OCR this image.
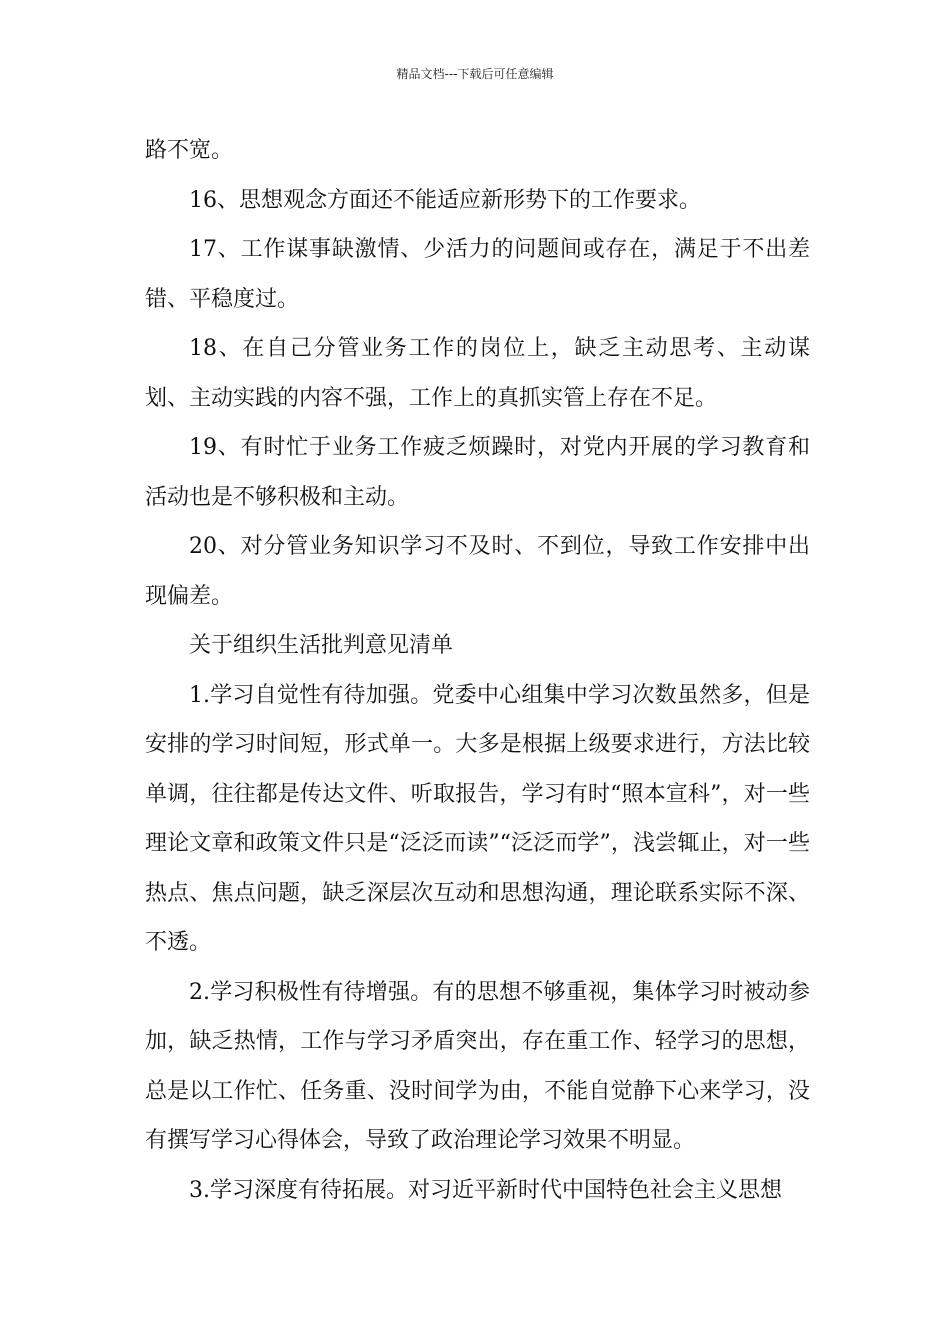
精品文档---下载后可任意编辑

路不宽。

16、思想观念方面还不能适应新形势下的工作要求。

17、工作谋事缺激情、少活力的问题间或存在，满足于不出差错、平稳度过。

18、在自己分管业务工作的岗位上，缺乏主动思考、主动谋划、主动实践的内容不强，工作上的真抓实管上存在不足。

19、有时忙于业务工作疲乏烦躁时，对党内开展的学习教育和活动也是不够积极和主动。

20、对分管业务知识学习不及时、不到位，导致工作安排中出现偏差。

关于组织生活批判意见清单

1.学习自觉性有待加强。党委中心组集中学习次数虽然多，但是安排的学习时间短，形式单一。大多是根据上级要求进行，方法比较单调，往往都是传达文件、听取报告，学习有时“照本宣科”，对一些理论文章和政策文件只是“泛泛而读”“泛泛而学”，浅尝辄止，对一些热点、焦点问题，缺乏深层次互动和思想沟通，理论联系实际不深、不透。

2.学习积极性有待增强。有的思想不够重视，集体学习时被动参加，缺乏热情，工作与学习矛盾突出，存在重工作、轻学习的思想，总是以工作忙、任务重、没时间学为由，不能自觉静下心来学习，没有撰写学习心得体会，导致了政治理论学习效果不明显。

3.学习深度有待拓展。对习近平新时代中国特色社会主义思想
